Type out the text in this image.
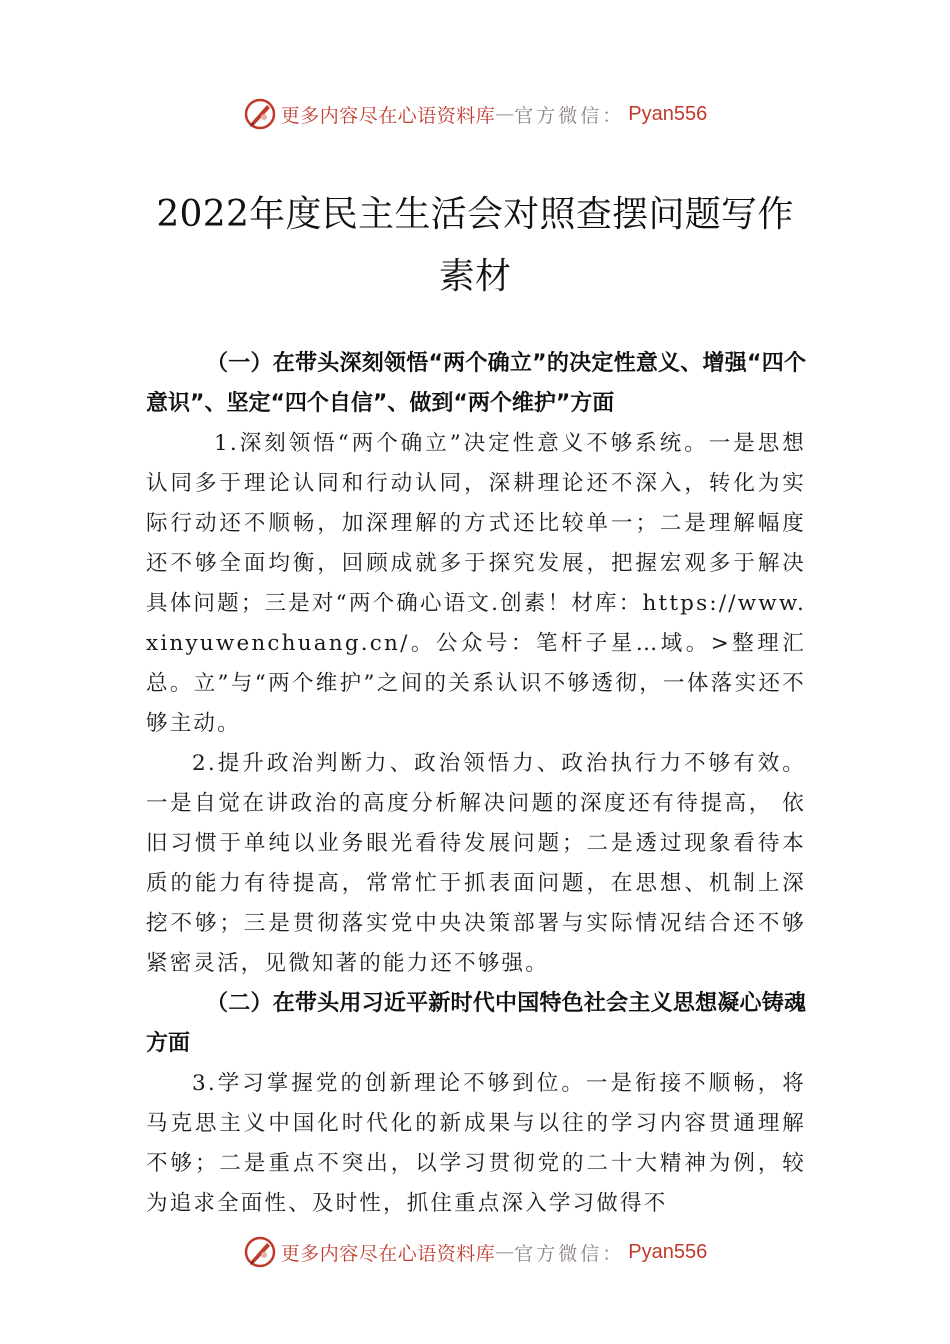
更多内容尽在心语资料库 — 官方微信： Pyan556
2022年度民主生活会对照查摆问题写作素材

（一）在带头深刻领悟“两个确立”的决定性意义、增强“四个意识”、坚定“四个自信”、做到“两个维护”方面

1.深刻领悟“两个确立”决定性意义不够系统。一是思想认同多于理论认同和行动认同，深耕理论还不深入，转化为实际行动还不顺畅，加深理解的方式还比较单一；二是理解幅度还不够全面均衡，回顾成就多于探究发展，把握宏观多于解决具体问题；三是对“两个确心语文.创素！材库：https://www.xinyuwenchuang.cn/。公众号：笔杆子星…域。>整理汇总。立”与“两个维护”之间的关系认识不够透彻，一体落实还不够主动。

2.提升政治判断力、政治领悟力、政治执行力不够有效。一是自觉在讲政治的高度分析解决问题的深度还有待提高， 依旧习惯于单纯以业务眼光看待发展问题；二是透过现象看待本质的能力有待提高，常常忙于抓表面问题，在思想、机制上深挖不够；三是贯彻落实党中央决策部署与实际情况结合还不够紧密灵活，见微知著的能力还不够强。

（二）在带头用习近平新时代中国特色社会主义思想凝心铸魂方面

3.学习掌握党的创新理论不够到位。一是衔接不顺畅，将马克思主义中国化时代化的新成果与以往的学习内容贯通理解不够；二是重点不突出，以学习贯彻党的二十大精神为例，较为追求全面性、及时性，抓住重点深入学习做得不

更多内容尽在心语资料库 — 官方微信： Pyan556
